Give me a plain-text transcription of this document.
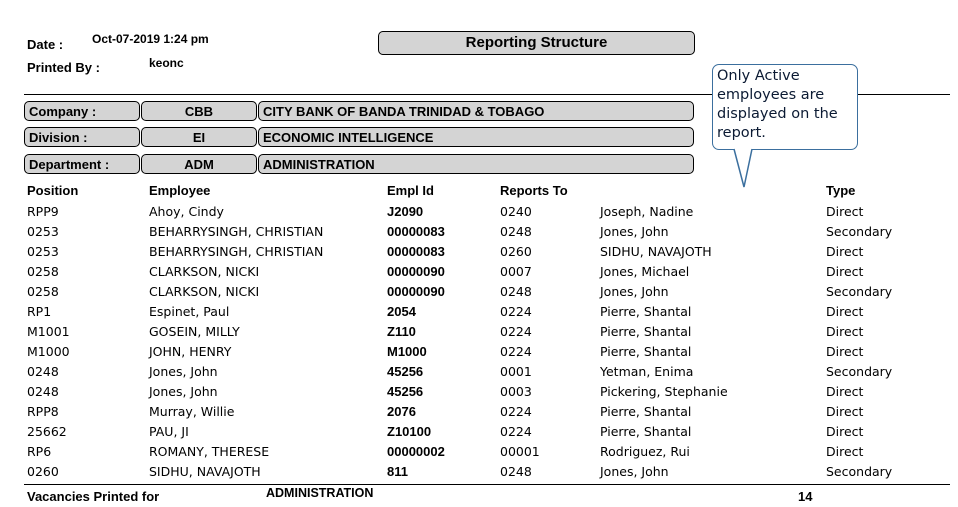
Date : Oct-07-2019 1:24 pm
Printed By :	keonc
Reporting Structure
Company :	CBB	CITY BANK OF BANDA TRINIDAD & TOBAGO
Division :	EI	ECONOMIC INTELLIGENCE
Department :	ADM	ADMINISTRATION
Only Active employees are displayed on the report.
Position	Employee	Empl Id	Reports To	Type
RPP9	Ahoy, Cindy	J2090	0240	Joseph, Nadine	Direct
0253	BEHARRYSINGH, CHRISTIAN	00000083	0248	Jones, John	Secondary
0253	BEHARRYSINGH, CHRISTIAN	00000083	0260	SIDHU, NAVAJOTH	Direct
0258	CLARKSON, NICKI	00000090	0007	Jones, Michael	Direct
0258	CLARKSON, NICKI	00000090	0248	Jones, John	Secondary
RP1	Espinet, Paul	2054	0224	Pierre, Shantal	Direct
M1001	GOSEIN, MILLY	Z110	0224	Pierre, Shantal	Direct
M1000	JOHN, HENRY	M1000	0224	Pierre, Shantal	Direct
0248	Jones, John	45256	0001	Yetman, Enima	Secondary
0248	Jones, John	45256	0003	Pickering, Stephanie	Direct
RPP8	Murray, Willie	2076	0224	Pierre, Shantal	Direct
25662	PAU, JI	Z10100	0224	Pierre, Shantal	Direct
RP6	ROMANY, THERESE	00000002	00001	Rodriguez, Rui	Direct
0260	SIDHU, NAVAJOTH	811	0248	Jones, John	Secondary
Vacancies Printed for	ADMINISTRATION	14
